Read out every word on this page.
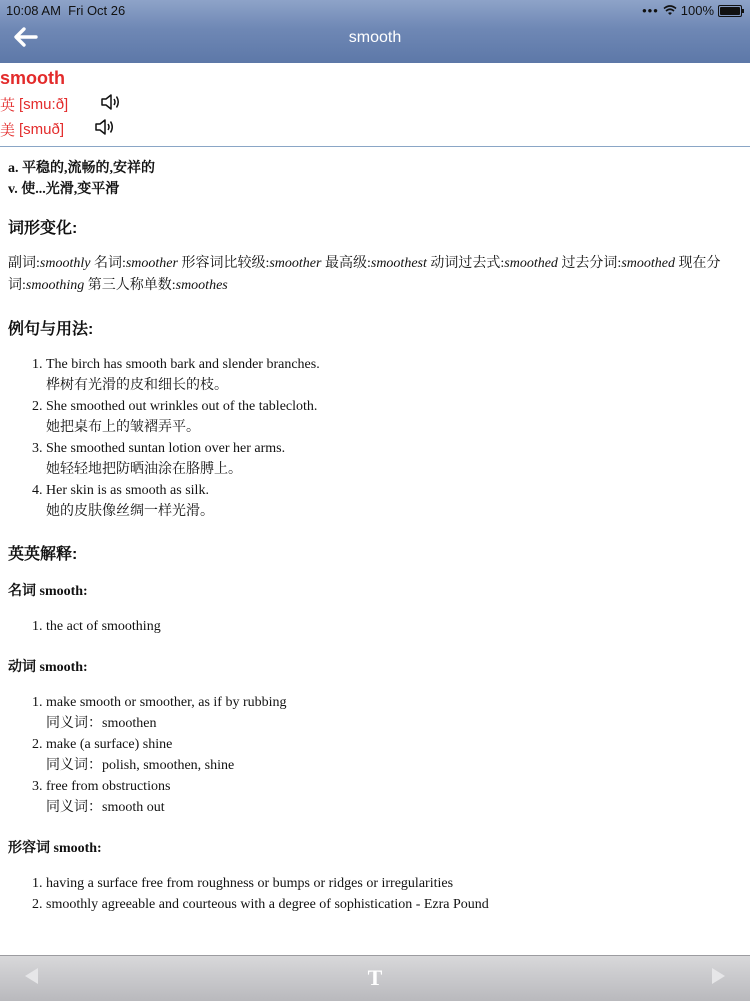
10:08 AM Fri Oct 26	••• 100%
smooth
smooth
英 [smu:ð]
美 [smuð]
a. 平稳的,流畅的,安祥的
v. 使...光滑,变平滑
词形变化:
副词:smoothly 名词:smoother 形容词比较级:smoother 最高级:smoothest 动词过去式:smoothed 过去分词:smoothed 现在分词:smoothing 第三人称单数:smoothes
例句与用法:
1. The birch has smooth bark and slender branches.
桦树有光滑的皮和细长的枝。
2. She smoothed out wrinkles out of the tablecloth.
她把桌布上的皱褶弄平。
3. She smoothed suntan lotion over her arms.
她轻轻地把防晒油涂在胳膊上。
4. Her skin is as smooth as silk.
她的皮肤像丝绸一样光滑。
英英解释:
名词 smooth:
1. the act of smoothing
动词 smooth:
1. make smooth or smoother, as if by rubbing
同义词：smoothen
2. make (a surface) shine
同义词：polish, smoothen, shine
3. free from obstructions
同义词：smooth out
形容词 smooth:
1. having a surface free from roughness or bumps or ridges or irregularities
2. smoothly agreeable and courteous with a degree of sophistication - Ezra Pound
T
